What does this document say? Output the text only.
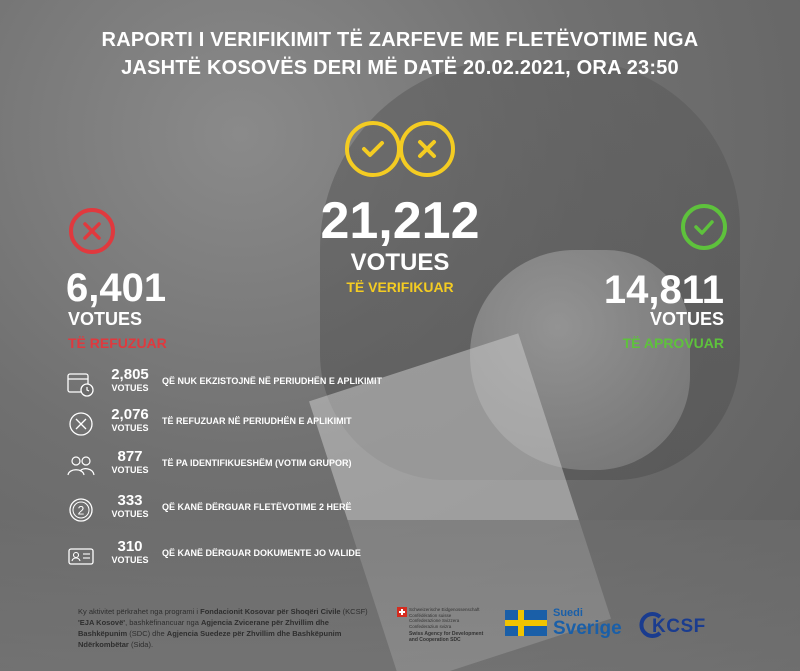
RAPORTI I VERIFIKIMIT TË ZARFEVE ME FLETËVOTIME NGA
JASHTË KOSOVËS DERI MË DATË 20.02.2021, ORA 23:50
21,212
VOTUES
TË VERIFIKUAR
6,401
VOTUES
TË REFUZUAR
14,811
VOTUES
TË APROVUAR
2,805
VOTUES
QË NUK EKZISTOJNË NË PERIUDHËN E APLIKIMIT
2,076
VOTUES
TË REFUZUAR NË PERIUDHËN E APLIKIMIT
877
VOTUES
TË PA IDENTIFIKUESHËM (VOTIM GRUPOR)
2
333
VOTUES
QË KANË DËRGUAR FLETËVOTIME 2 HERË
310
VOTUES
QË KANË DËRGUAR DOKUMENTE JO VALIDE
Ky aktivitet përkrahet nga programi i Fondacionit Kosovar për Shoqëri Civile (KCSF) 'EJA Kosovë', bashkëfinancuar nga Agjencia Zvicerane për Zhvillim dhe Bashkëpunim (SDC) dhe Agjencia Suedeze për Zhvillim dhe Bashkëpunim Ndërkombëtar (Sida).
Schweizerische Eidgenossenschaft
Confédération suisse
Confederazione Svizzera
Confederaziun svizra
Swiss Agency for Development
and Cooperation SDC
Suedi
Sverige KCSF
